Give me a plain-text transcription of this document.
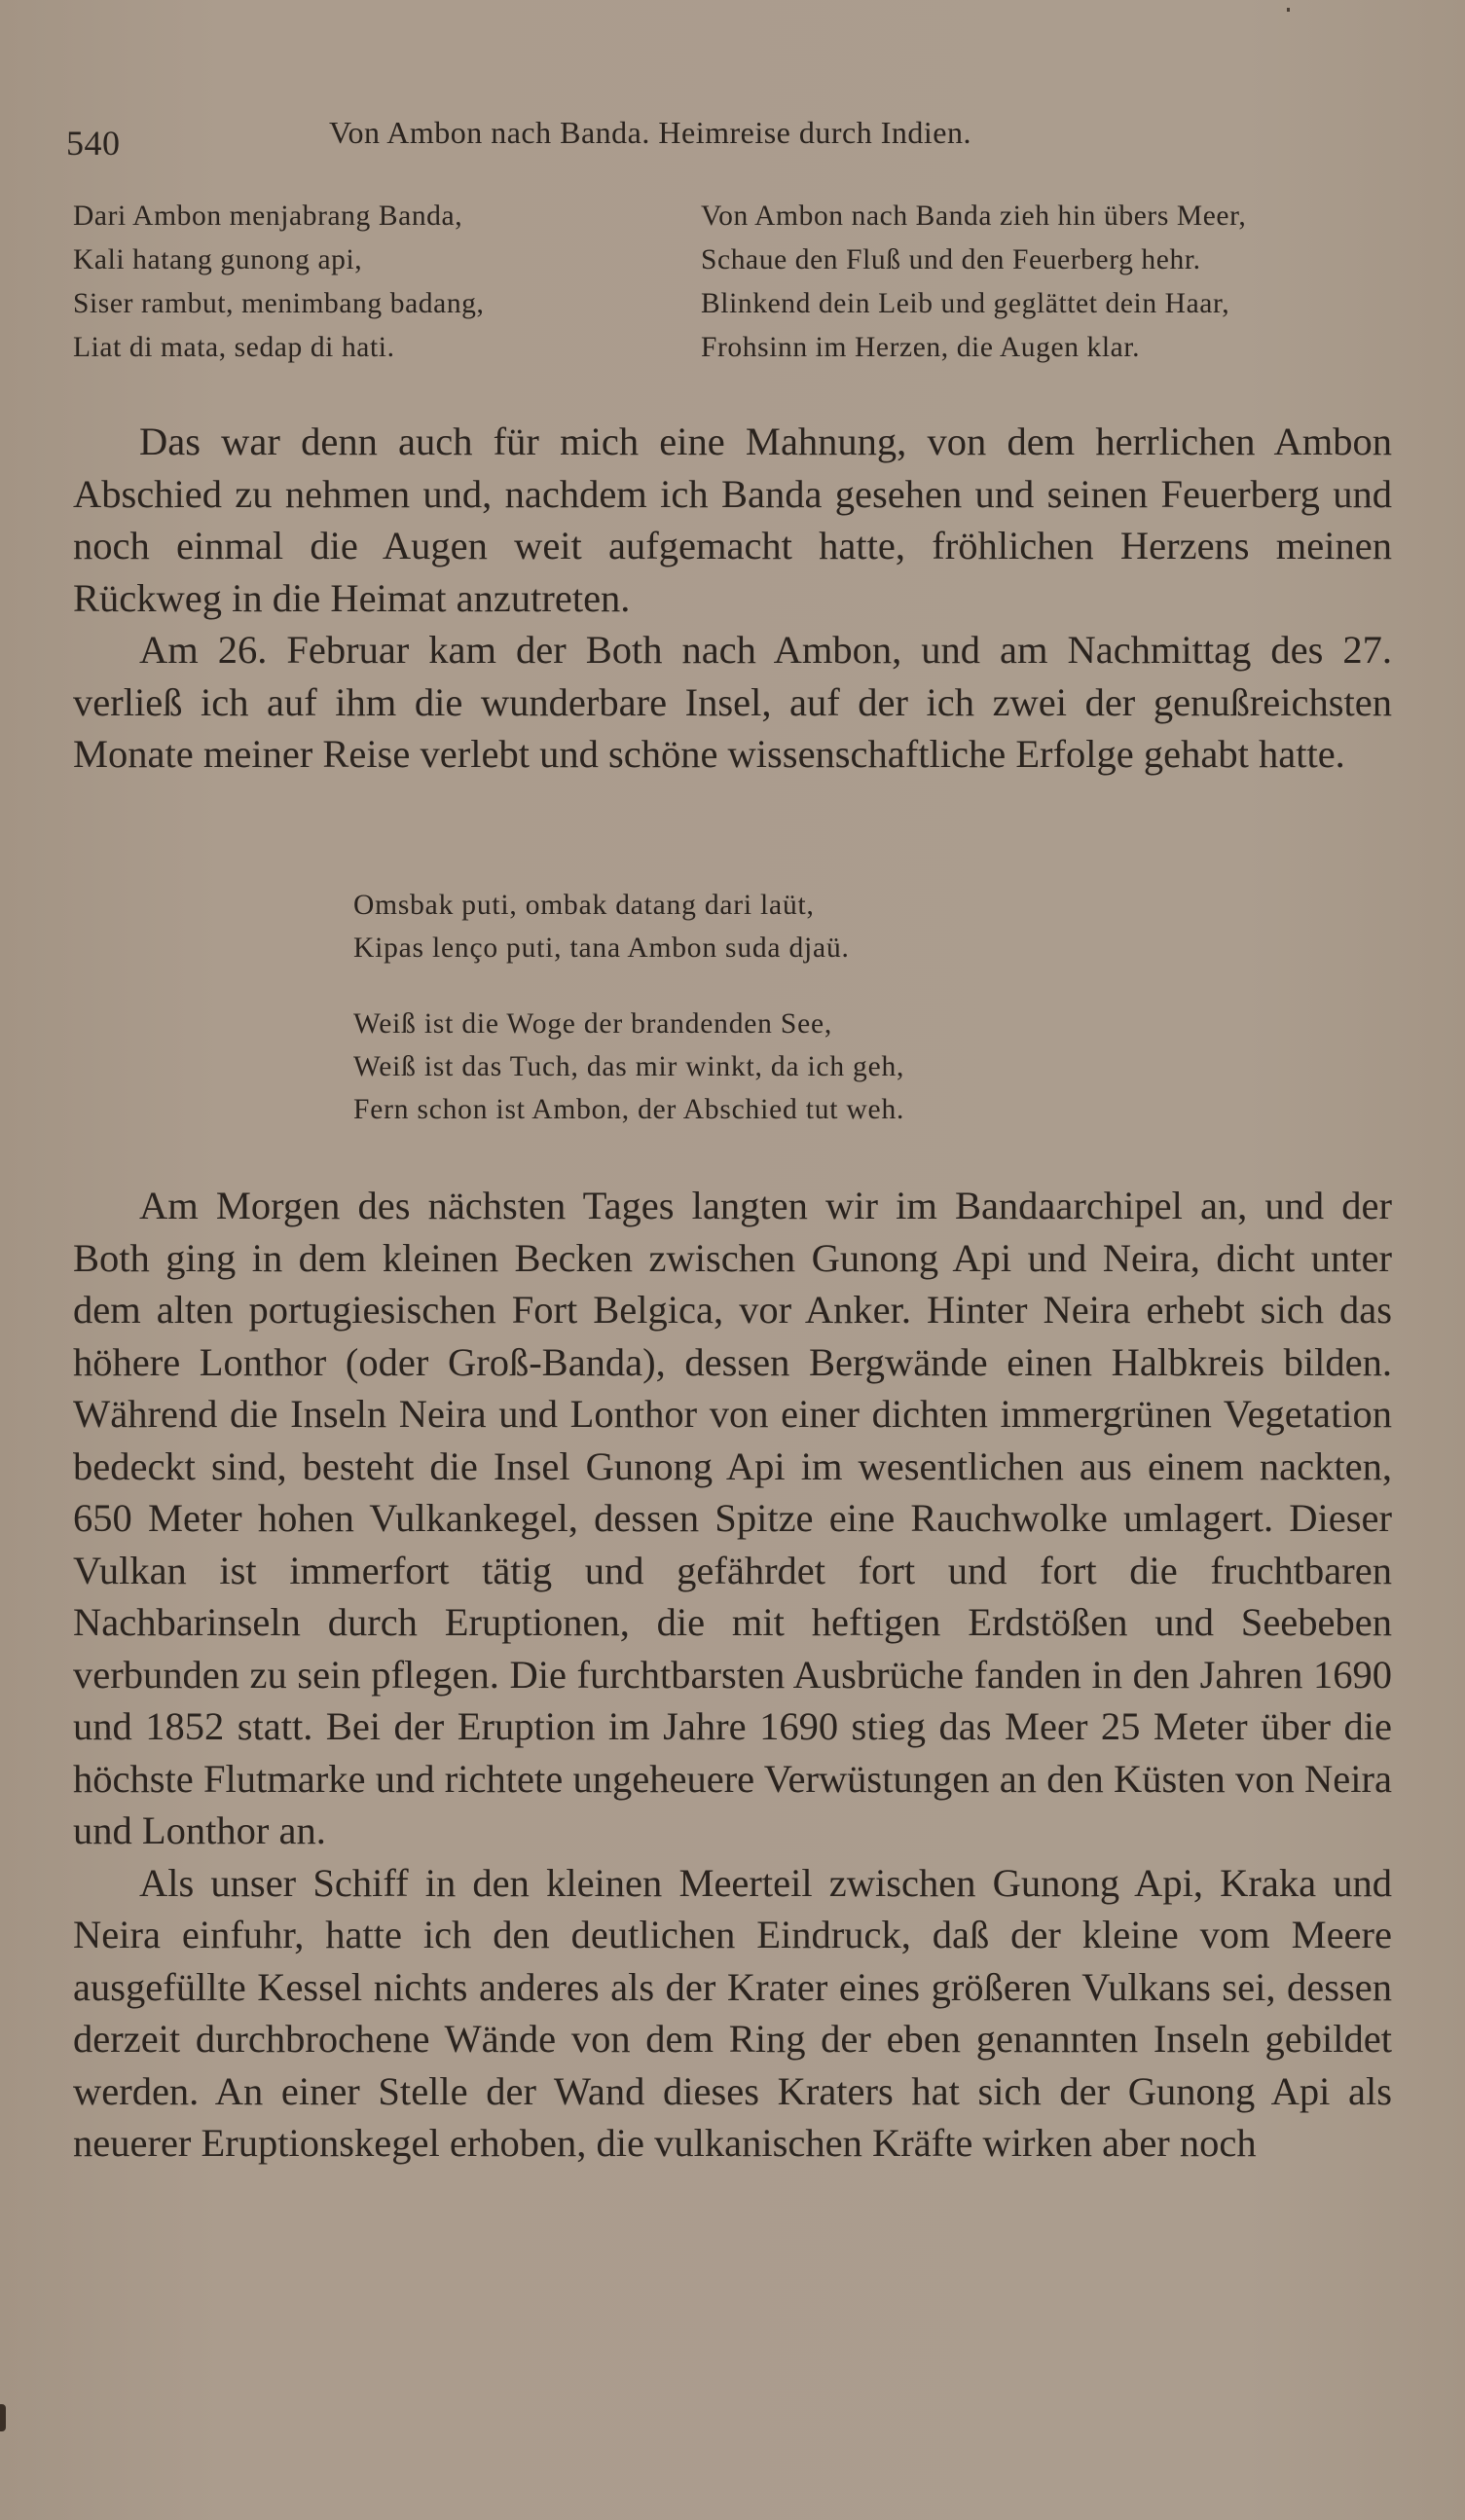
540	Von Ambon nach Banda. Heimreise durch Indien.
Dari Ambon menjabrang Banda,
Kali hatang gunong api,
Siser rambut, menimbang badang,
Liat di mata, sedap di hati.
Von Ambon nach Banda zieh hin übers Meer,
Schaue den Fluß und den Feuerberg hehr.
Blinkend dein Leib und geglättet dein Haar,
Frohsinn im Herzen, die Augen klar.

Das war denn auch für mich eine Mahnung, von dem herrlichen Ambon Abschied zu nehmen und, nachdem ich Banda gesehen und seinen Feuerberg und noch einmal die Augen weit aufgemacht hatte, fröhlichen Herzens meinen Rückweg in die Heimat anzutreten.

Am 26. Februar kam der Both nach Ambon, und am Nachmittag des 27. verließ ich auf ihm die wunderbare Insel, auf der ich zwei der genußreichsten Monate meiner Reise verlebt und schöne wissenschaftliche Erfolge gehabt hatte.

Omsbak puti, ombak datang dari laüt,
Kipas lenço puti, tana Ambon suda djaü.
Weiß ist die Woge der brandenden See,
Weiß ist das Tuch, das mir winkt, da ich geh,
Fern schon ist Ambon, der Abschied tut weh.

Am Morgen des nächsten Tages langten wir im Bandaarchipel an, und der Both ging in dem kleinen Becken zwischen Gunong Api und Neira, dicht unter dem alten portugiesischen Fort Belgica, vor Anker. Hinter Neira erhebt sich das höhere Lonthor (oder Groß-Banda), dessen Bergwände einen Halbkreis bilden. Während die Inseln Neira und Lonthor von einer dichten immergrünen Vegetation bedeckt sind, besteht die Insel Gunong Api im wesentlichen aus einem nackten, 650 Meter hohen Vulkankegel, dessen Spitze eine Rauchwolke umlagert. Dieser Vulkan ist immerfort tätig und gefährdet fort und fort die fruchtbaren Nachbarinseln durch Eruptionen, die mit heftigen Erdstößen und Seebeben verbunden zu sein pflegen. Die furchtbarsten Ausbrüche fanden in den Jahren 1690 und 1852 statt. Bei der Eruption im Jahre 1690 stieg das Meer 25 Meter über die höchste Flutmarke und richtete ungeheuere Verwüstungen an den Küsten von Neira und Lonthor an.

Als unser Schiff in den kleinen Meerteil zwischen Gunong Api, Kraka und Neira einfuhr, hatte ich den deutlichen Eindruck, daß der kleine vom Meere ausgefüllte Kessel nichts anderes als der Krater eines größeren Vulkans sei, dessen derzeit durchbrochene Wände von dem Ring der eben genannten Inseln gebildet werden. An einer Stelle der Wand dieses Kraters hat sich der Gunong Api als neuerer Eruptionskegel erhoben, die vulkanischen Kräfte wirken aber noch
